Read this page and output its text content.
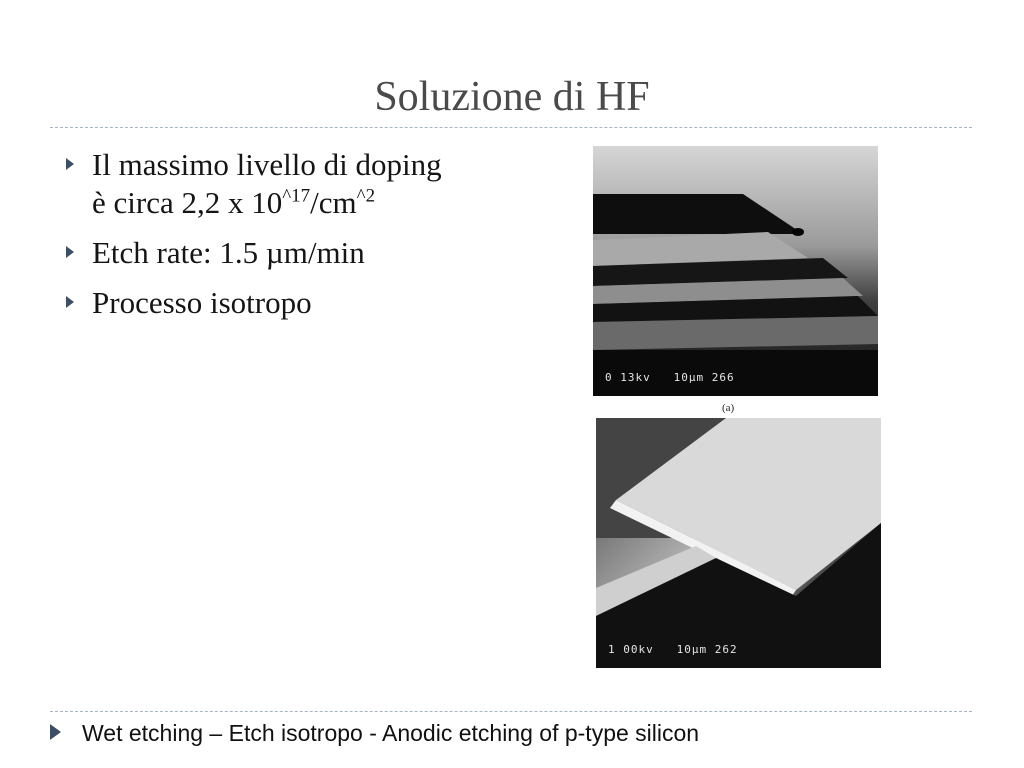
Soluzione di HF
Il massimo livello di doping
è circa 2,2 x $10^{\^{}17}/cm^{\^{}2}$
Etch rate: 1.5 µm/min
Processo isotropo
0 13kv   10µm 266
(a)
1 00kv   10µm 262
Wet etching – Etch isotropo - Anodic etching of p-type silicon
